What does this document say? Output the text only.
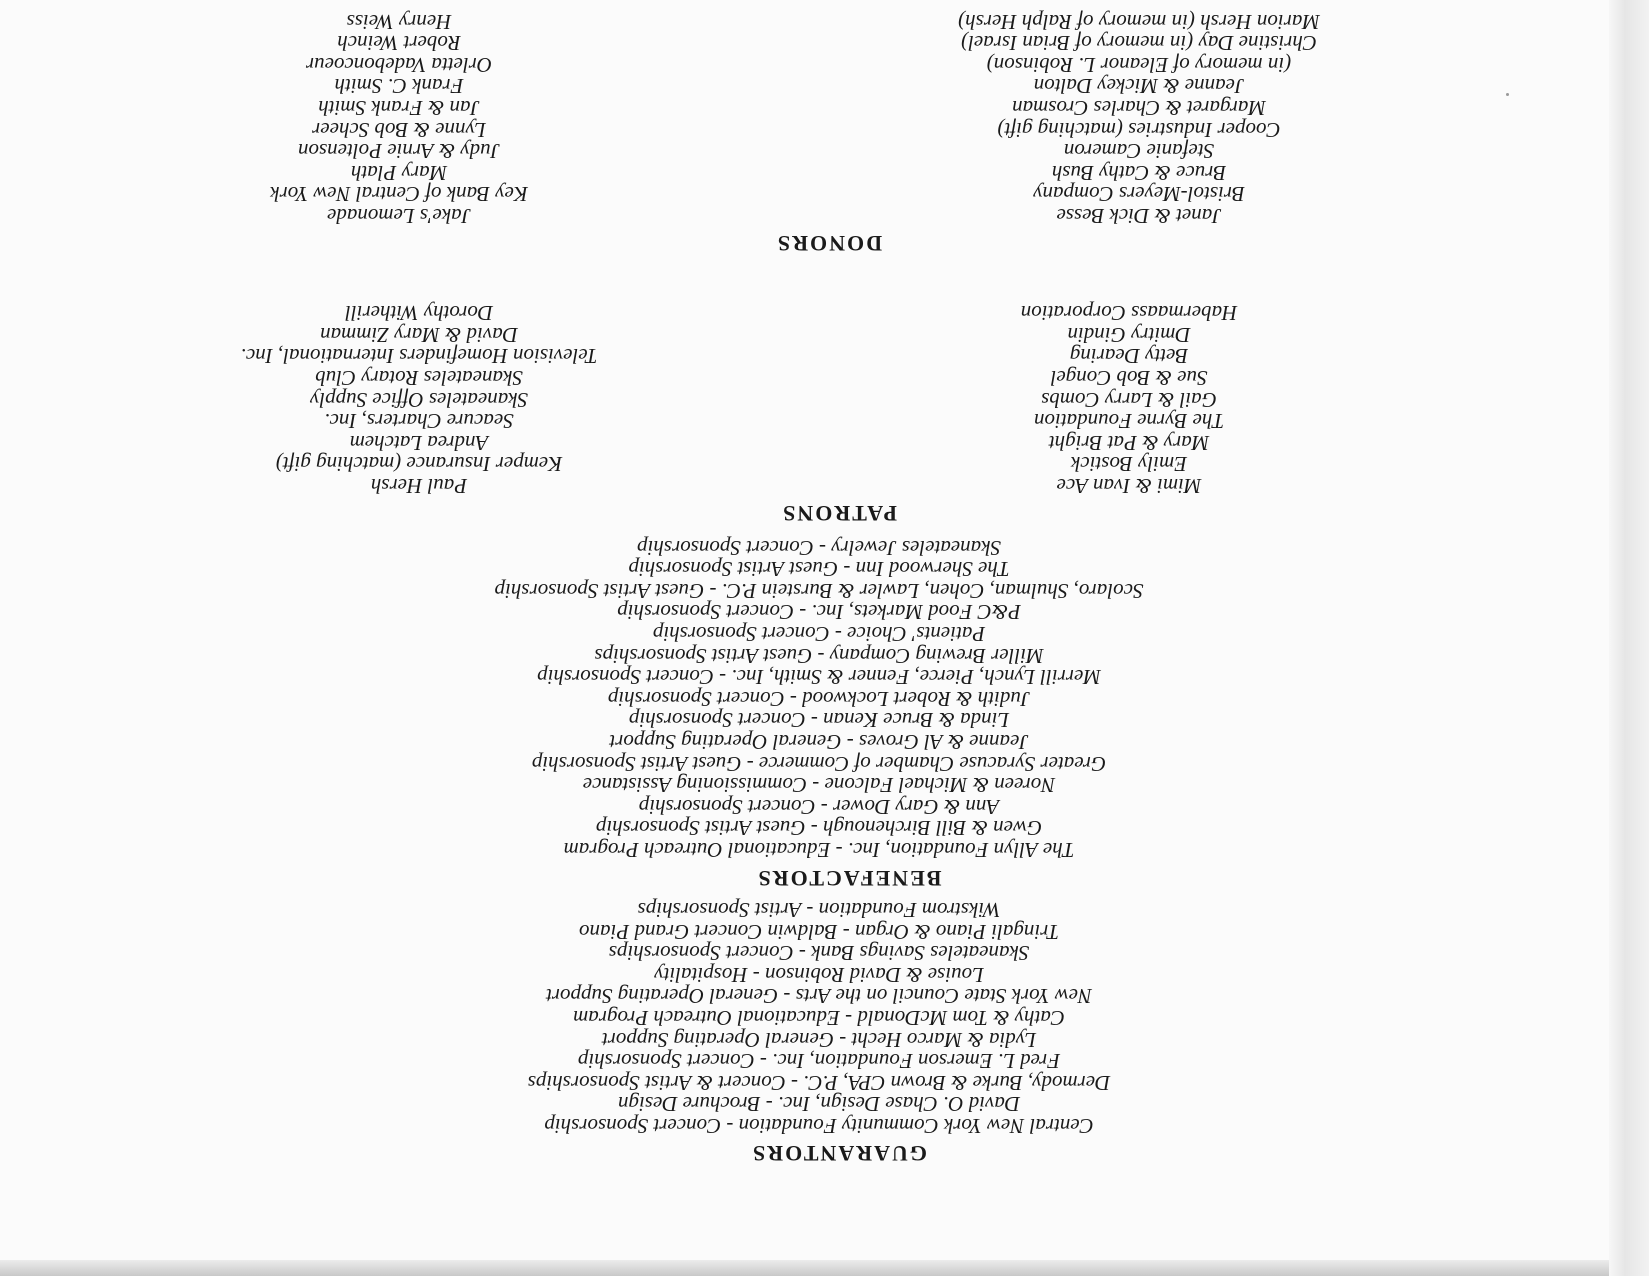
GUARANTORS
Central New York Community Foundation - Concert Sponsorship
David O. Chase Design, Inc. - Brochure Design
Dermody, Burke & Brown CPA, P.C. - Concert & Artist Sponsorships
Fred L. Emerson Foundation, Inc. - Concert Sponsorship
Lydia & Marco Hecht - General Operating Support
Cathy & Tom McDonald - Educational Outreach Program
New York State Council on the Arts - General Operating Support
Louise & David Robinson - Hospitality
Skaneateles Savings Bank - Concert Sponsorships
Tringali Piano & Organ - Baldwin Concert Grand Piano
Wikstrom Foundation - Artist Sponsorships
BENEFACTORS
The Allyn Foundation, Inc. - Educational Outreach Program
Gwen & Bill Birchenough - Guest Artist Sponsorship
Ann & Gary Dower - Concert Sponsorship
Noreen & Michael Falcone - Commissioning Assistance
Greater Syracuse Chamber of Commerce - Guest Artist Sponsorship
Jeanne & Al Groves - General Operating Support
Linda & Bruce Kenan - Concert Sponsorship
Judith & Robert Lockwood - Concert Sponsorship
Merrill Lynch, Pierce, Fenner & Smith, Inc. - Concert Sponsorship
Miller Brewing Company - Guest Artist Sponsorships
Patients' Choice - Concert Sponsorship
P&C Food Markets, Inc. - Concert Sponsorship
Scolaro, Shulman, Cohen, Lawler & Burstein P.C. - Guest Artist Sponsorship
The Sherwood Inn - Guest Artist Sponsorship
Skaneateles Jewelry - Concert Sponsorship
PATRONS
Mimi & Ivan Ace
Emily Bostick
Mary & Pat Bright
The Byrne Foundation
Gail & Larry Combs
Sue & Bob Congel
Betty Dearing
Dmitry Gindin
Habermaass Corporation
Paul Hersh
Kemper Insurance (matching gift)
Andrea Latchem
Seacure Charters, Inc.
Skaneateles Office Supply
Skaneateles Rotary Club
Television Homefinders International, Inc.
David & Mary Zimman
Dorothy Witherill
DONORS
Janet & Dick Besse
Bristol-Meyers Company
Bruce & Cathy Bush
Stefanie Cameron
Cooper Industries (matching gift)
Margaret & Charles Crosman
Jeanne & Mickey Dalton
(in memory of Eleanor L. Robinson)
Christine Day (in memory of Brian Israel)
Marion Hersh (in memory of Ralph Hersh)
Jake's Lemonade
Key Bank of Central New York
Mary Plath
Judy & Arnie Poltenson
Lynne & Bob Scheer
Jan & Frank Smith
Frank C. Smith
Orletta Vadeboncoeur
Robert Weinch
Henry Weiss
